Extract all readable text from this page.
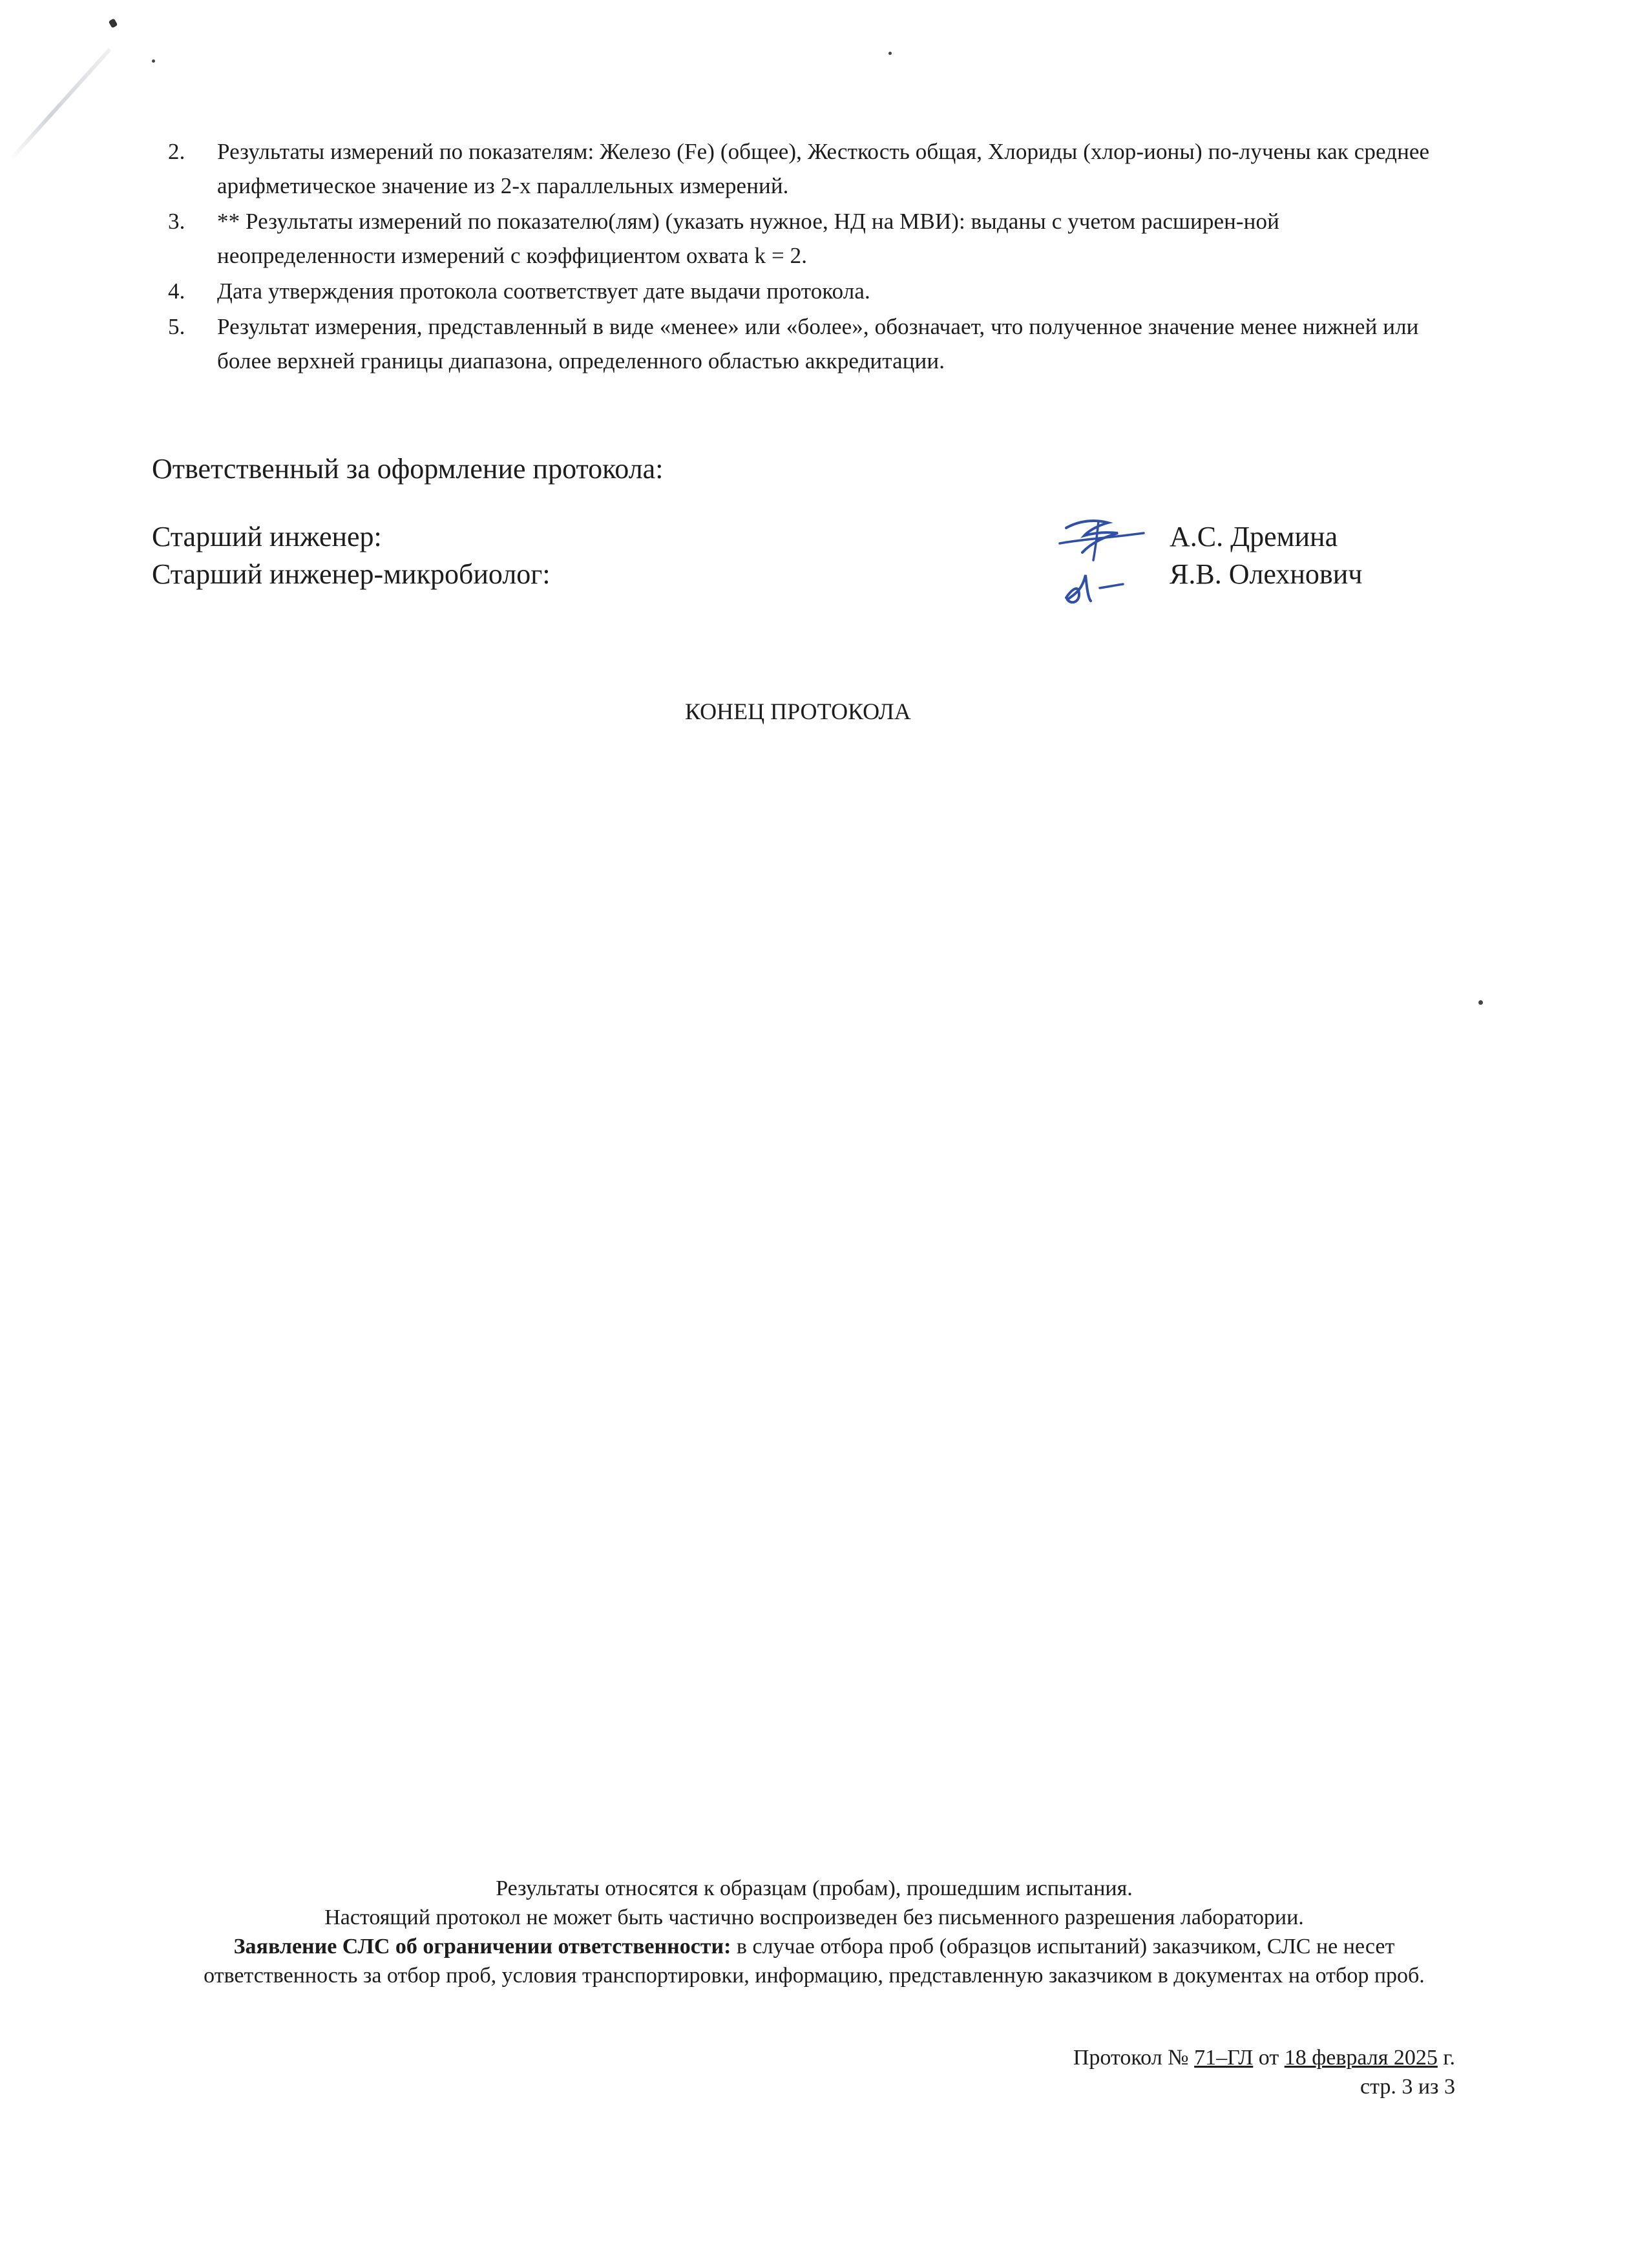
2. Результаты измерений по показателям: Железо (Fe) (общее), Жесткость общая, Хлориды (хлор-ионы) по-лучены как среднее арифметическое значение из 2-х параллельных измерений.
3. ** Результаты измерений по показателю(лям) (указать нужное, НД на МВИ): выданы с учетом расширен-ной неопределенности измерений с коэффициентом охвата k = 2.
4. Дата утверждения протокола соответствует дате выдачи протокола.
5. Результат измерения, представленный в виде «менее» или «более», обозначает, что полученное значение менее нижней или более верхней границы диапазона, определенного областью аккредитации.

Ответственный за оформление протокола:

Старший инженер:
Старший инженер-микробиолог:
А.С. Дремина
Я.В. Олехнович
КОНЕЦ ПРОТОКОЛА
Результаты относятся к образцам (пробам), прошедшим испытания.
Настоящий протокол не может быть частично воспроизведен без письменного разрешения лаборатории.
Заявление СЛС об ограничении ответственности: в случае отбора проб (образцов испытаний) заказчиком, СЛС не несет ответственность за отбор проб, условия транспортировки, информацию, представленную заказчиком в документах на отбор проб.
Протокол № 71–ГЛ от 18 февраля 2025 г.
стр. 3 из 3
